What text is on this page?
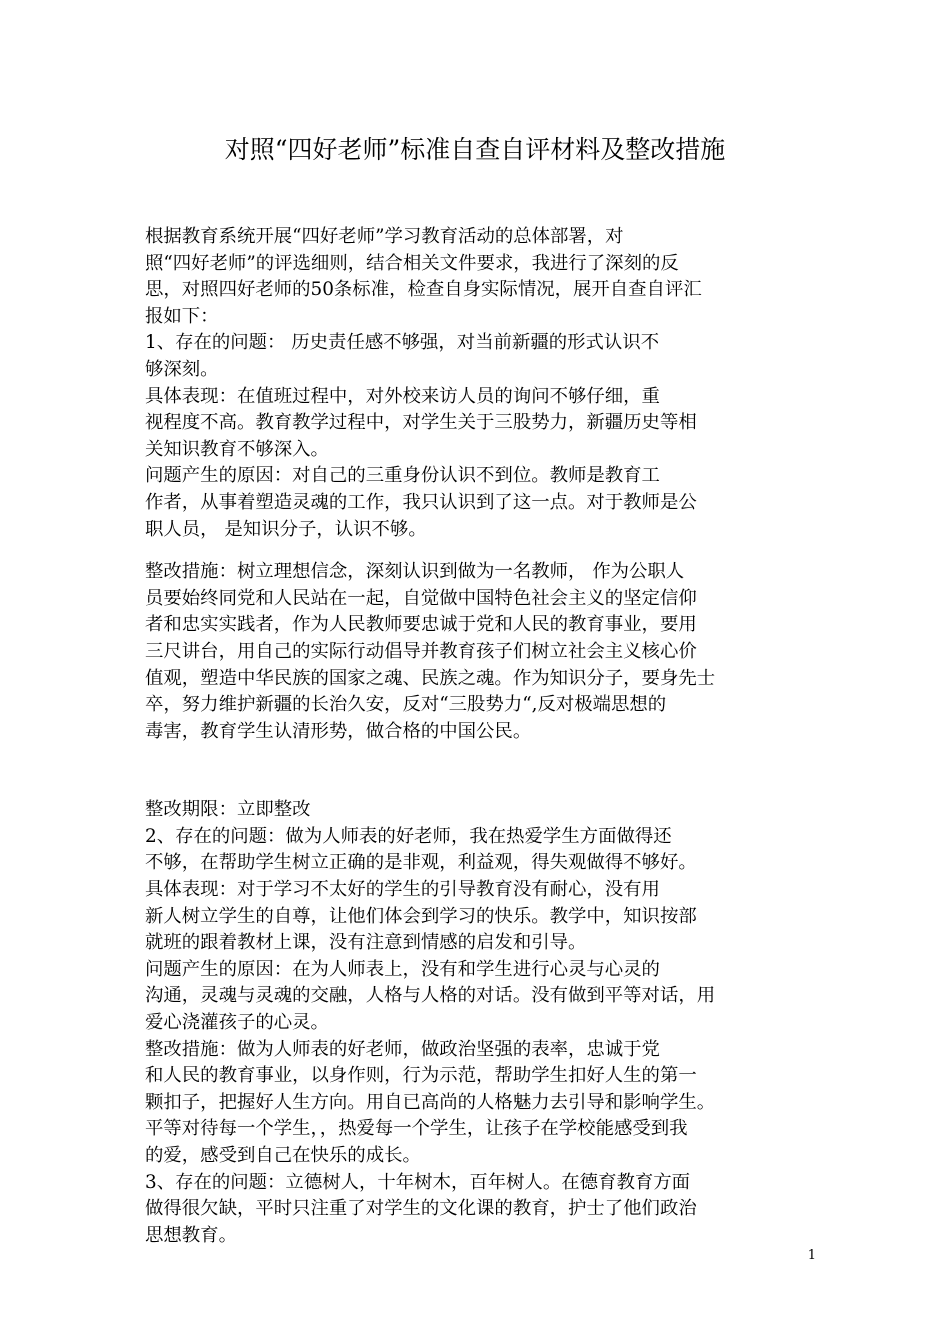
对照“四好老师”标准自查自评材料及整改措施
根据教育系统开展“四好老师”学习教育活动的总体部署，对
照“四好老师”的评选细则，结合相关文件要求，我进行了深刻的反
思，对照四好老师的50条标准，检查自身实际情况，展开自查自评汇
报如下：
1、存在的问题： 历史责任感不够强，对当前新疆的形式认识不
够深刻。
具体表现：在值班过程中，对外校来访人员的询问不够仔细，重
视程度不高。教育教学过程中，对学生关于三股势力，新疆历史等相
关知识教育不够深入。
问题产生的原因：对自己的三重身份认识不到位。教师是教育工
作者，从事着塑造灵魂的工作，我只认识到了这一点。对于教师是公
职人员， 是知识分子，认识不够。
整改措施：树立理想信念，深刻认识到做为一名教师， 作为公职人
员要始终同党和人民站在一起，自觉做中国特色社会主义的坚定信仰
者和忠实实践者，作为人民教师要忠诚于党和人民的教育事业，要用
三尺讲台，用自己的实际行动倡导并教育孩子们树立社会主义核心价
值观，塑造中华民族的国家之魂、民族之魂。作为知识分子，要身先士
卒，努力维护新疆的长治久安，反对“三股势力“,反对极端思想的
毒害，教育学生认清形势，做合格的中国公民。
整改期限：立即整改
2、存在的问题：做为人师表的好老师，我在热爱学生方面做得还
不够，在帮助学生树立正确的是非观，利益观，得失观做得不够好。
具体表现：对于学习不太好的学生的引导教育没有耐心，没有用
新人树立学生的自尊，让他们体会到学习的快乐。教学中，知识按部
就班的跟着教材上课，没有注意到情感的启发和引导。
问题产生的原因：在为人师表上，没有和学生进行心灵与心灵的
沟通，灵魂与灵魂的交融，人格与人格的对话。没有做到平等对话，用
爱心浇灌孩子的心灵。
整改措施：做为人师表的好老师，做政治坚强的表率，忠诚于党
和人民的教育事业，以身作则，行为示范，帮助学生扣好人生的第一
颗扣子，把握好人生方向。用自已高尚的人格魅力去引导和影响学生。
平等对待每一个学生，，热爱每一个学生，让孩子在学校能感受到我
的爱，感受到自己在快乐的成长。
3、存在的问题：立德树人，十年树木，百年树人。在德育教育方面
做得很欠缺，平时只注重了对学生的文化课的教育，护士了他们政治
思想教育。
1
